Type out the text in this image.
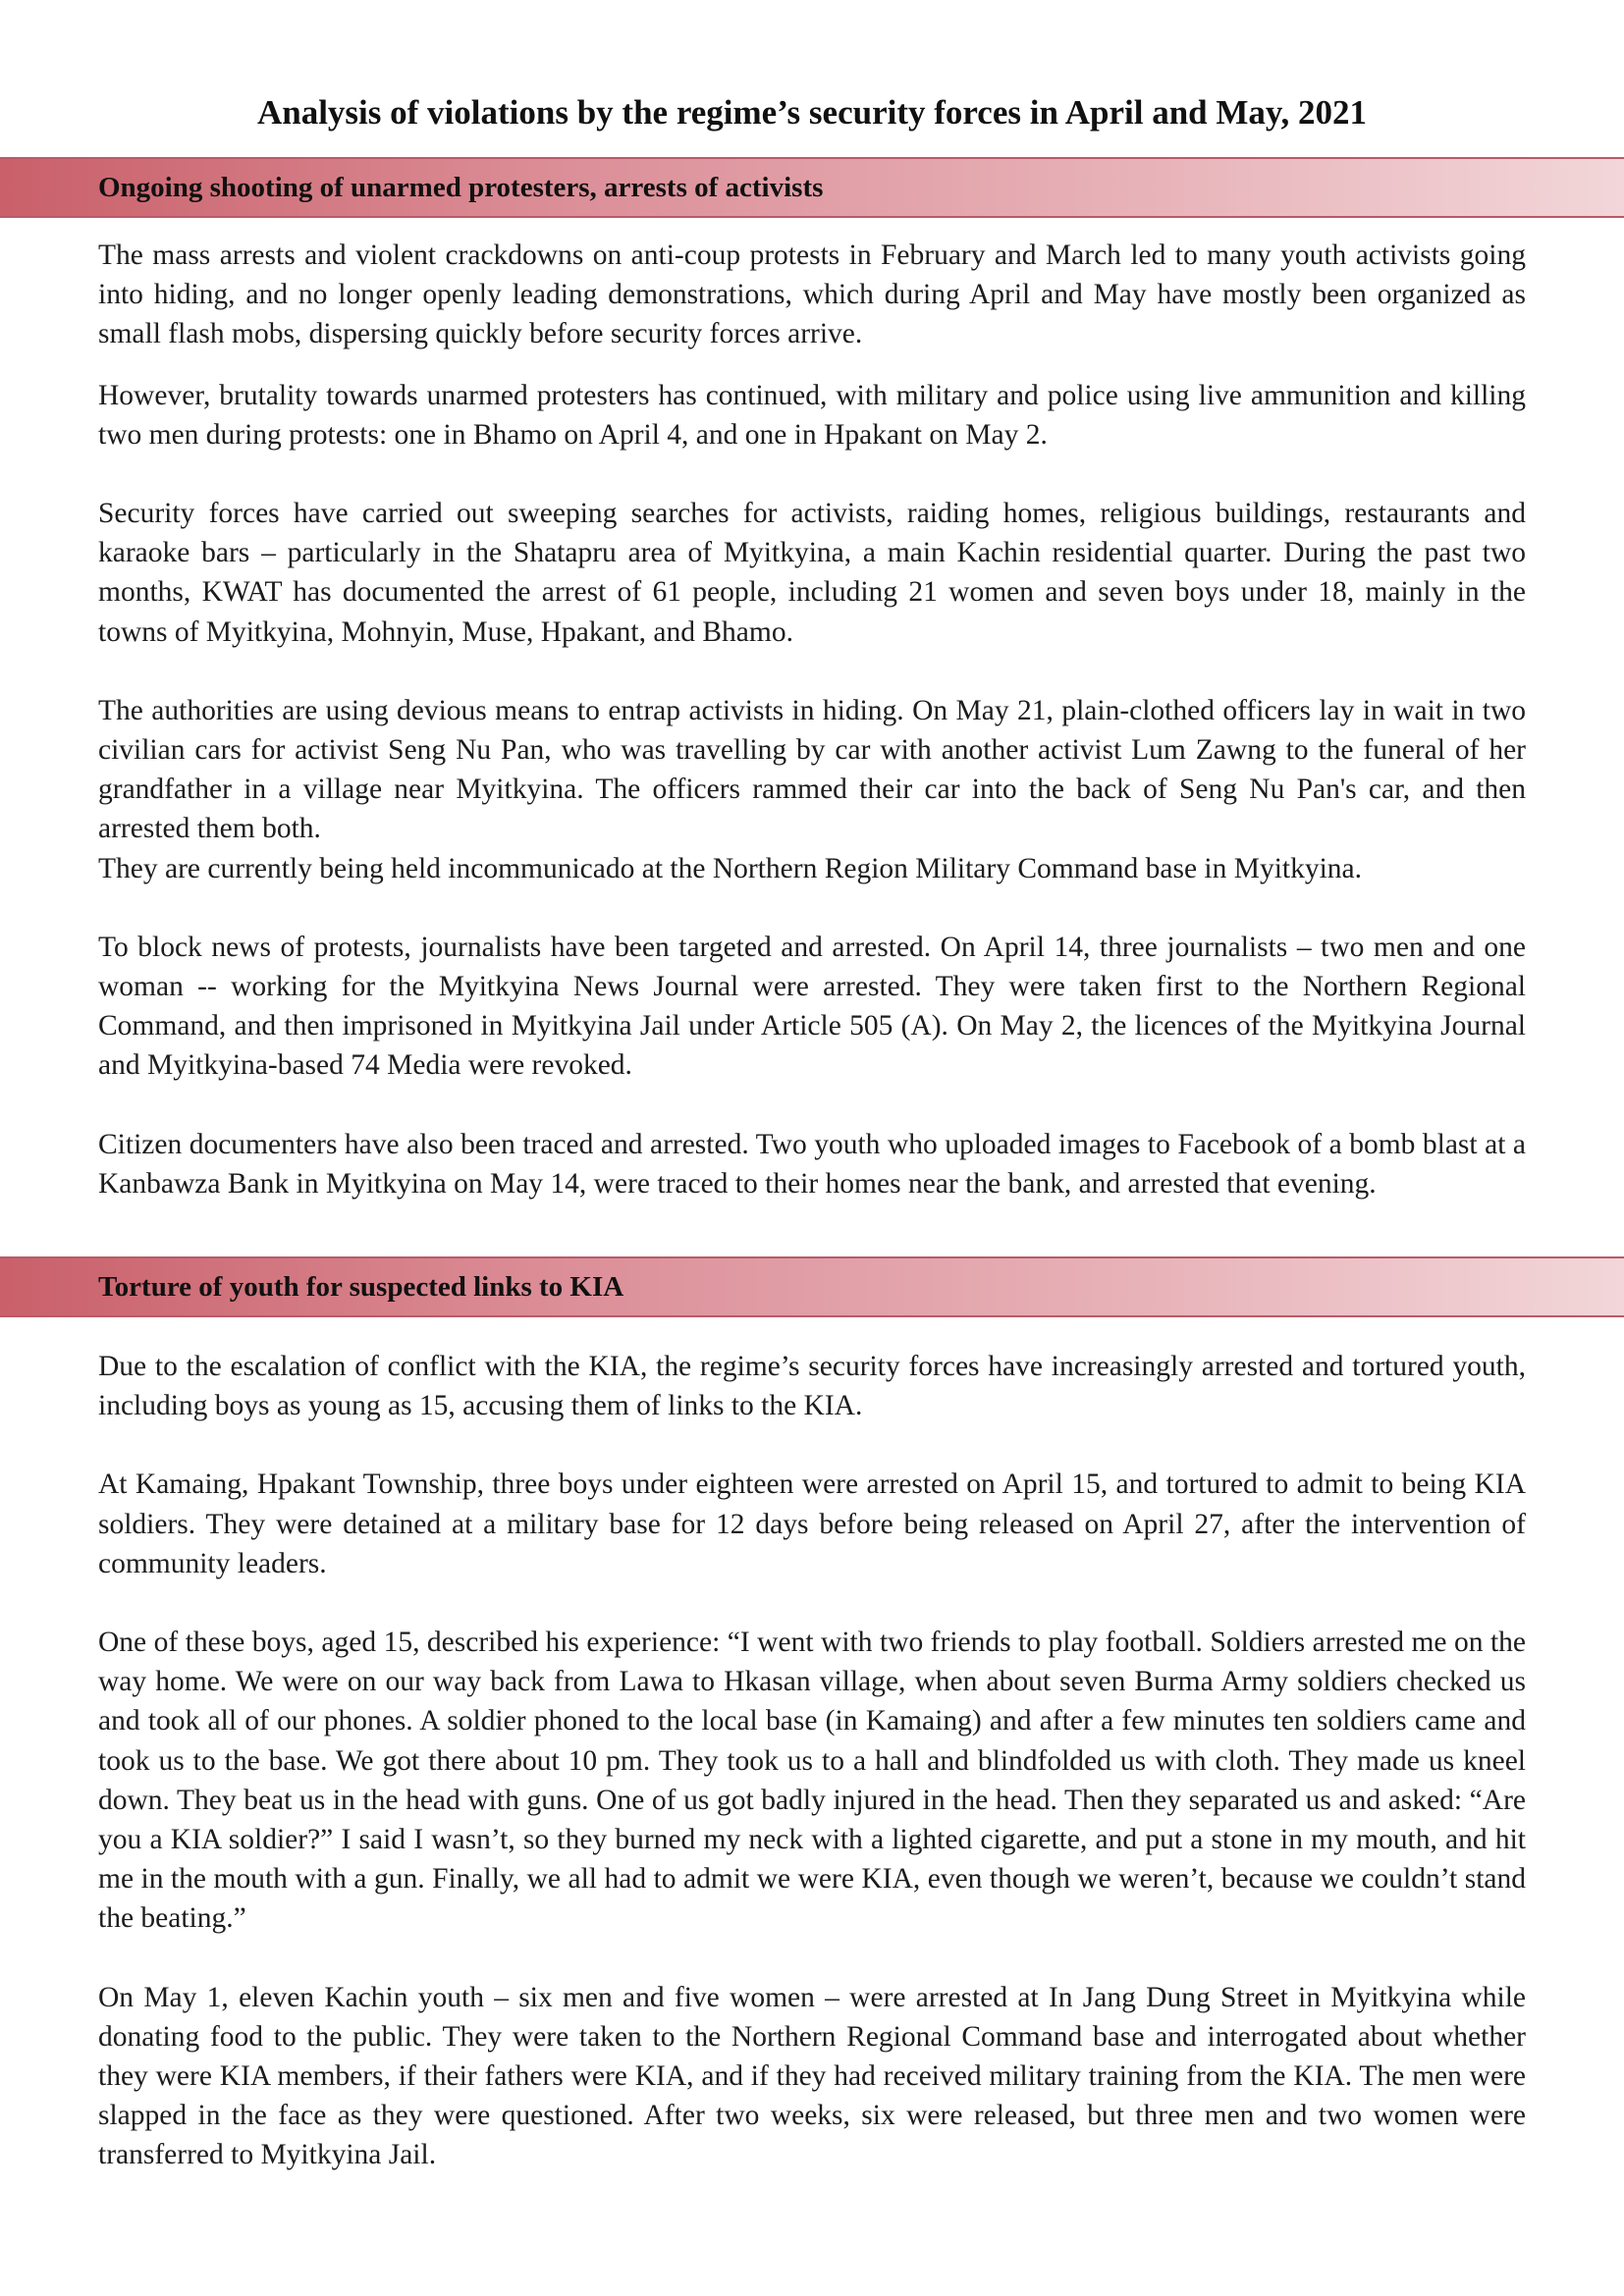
Analysis of violations by the regime’s security forces in April and May, 2021
Ongoing shooting of unarmed protesters, arrests of activists

The mass arrests and violent crackdowns on anti-coup protests in February and March led to many youth activists going into hiding, and no longer openly leading demonstrations, which during April and May have mostly been organized as small flash mobs, dispersing quickly before security forces arrive.

However, brutality towards unarmed protesters has continued, with military and police using live ammunition and killing two men during protests: one in Bhamo on April 4, and one in Hpakant on May 2.

Security forces have carried out sweeping searches for activists, raiding homes, religious buildings, restaurants and karaoke bars – particularly in the Shatapru area of Myitkyina, a main Kachin residential quarter. During the past two months, KWAT has documented the arrest of 61 people, including 21 women and seven boys under 18, mainly in the towns of Myitkyina, Mohnyin, Muse, Hpakant, and Bhamo.

The authorities are using devious means to entrap activists in hiding. On May 21, plain-clothed officers lay in wait in two civilian cars for activist Seng Nu Pan, who was travelling by car with another activist Lum Zawng to the funeral of her grandfather in a village near Myitkyina. The officers rammed their car into the back of Seng Nu Pan's car, and then arrested them both.

They are currently being held incommunicado at the Northern Region Military Command base in Myitkyina.

To block news of protests, journalists have been targeted and arrested. On April 14, three journalists – two men and one woman -- working for the Myitkyina News Journal were arrested. They were taken first to the Northern Regional Command, and then imprisoned in Myitkyina Jail under Article 505 (A). On May 2, the licences of the Myitkyina Journal and Myitkyina-based 74 Media were revoked.

Citizen documenters have also been traced and arrested. Two youth who uploaded images to Facebook of a bomb blast at a Kanbawza Bank in Myitkyina on May 14, were traced to their homes near the bank, and arrested that evening.

Torture of youth for suspected links to KIA

Due to the escalation of conflict with the KIA, the regime’s security forces have increasingly arrested and tortured youth, including boys as young as 15, accusing them of links to the KIA.

At Kamaing, Hpakant Township, three boys under eighteen were arrested on April 15, and tortured to admit to being KIA soldiers. They were detained at a military base for 12 days before being released on April 27, after the intervention of community leaders.

One of these boys, aged 15, described his experience: “I went with two friends to play football. Soldiers arrested me on the way home. We were on our way back from Lawa to Hkasan village, when about seven Burma Army soldiers checked us and took all of our phones. A soldier phoned to the local base (in Kamaing) and after a few minutes ten soldiers came and took us to the base. We got there about 10 pm. They took us to a hall and blindfolded us with cloth. They made us kneel down. They beat us in the head with guns. One of us got badly injured in the head. Then they separated us and asked: “Are you a KIA soldier?” I said I wasn’t, so they burned my neck with a lighted cigarette, and put a stone in my mouth, and hit me in the mouth with a gun. Finally, we all had to admit we were KIA, even though we weren’t, because we couldn’t stand the beating.”

On May 1, eleven Kachin youth – six men and five women – were arrested at In Jang Dung Street in Myitkyina while donating food to the public. They were taken to the Northern Regional Command base and interrogated about whether they were KIA members, if their fathers were KIA, and if they had received military training from the KIA. The men were slapped in the face as they were questioned. After two weeks, six were released, but three men and two women were transferred to Myitkyina Jail.
